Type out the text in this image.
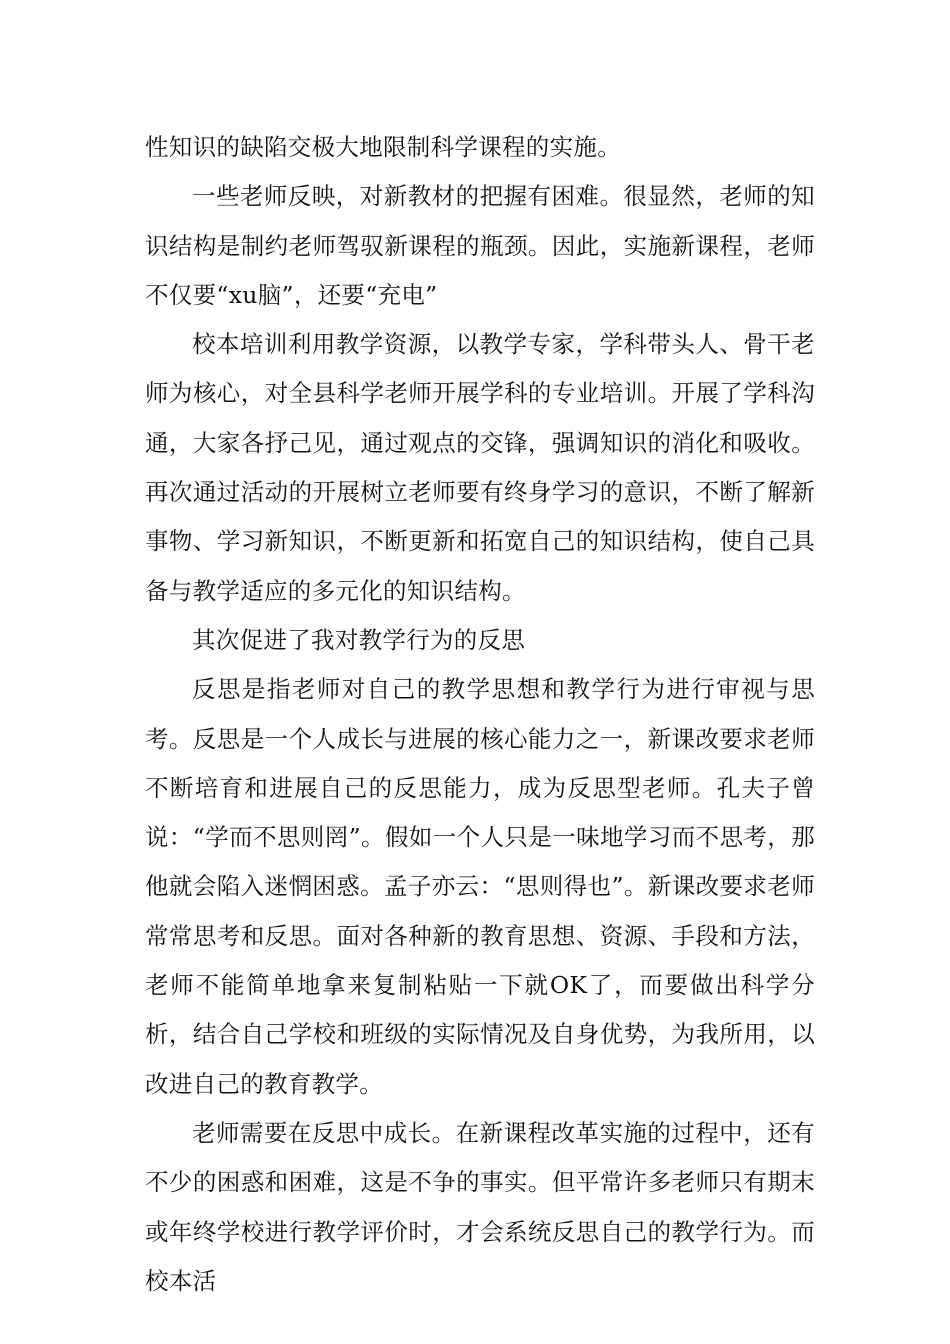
性知识的缺陷交极大地限制科学课程的实施。

一些老师反映，对新教材的把握有困难。很显然，老师的知识结构是制约老师驾驭新课程的瓶颈。因此，实施新课程，老师不仅要“xu脑”，还要“充电”

校本培训利用教学资源，以教学专家，学科带头人、骨干老师为核心，对全县科学老师开展学科的专业培训。开展了学科沟通，大家各抒己见，通过观点的交锋，强调知识的消化和吸收。再次通过活动的开展树立老师要有终身学习的意识，不断了解新事物、学习新知识，不断更新和拓宽自己的知识结构，使自己具备与教学适应的多元化的知识结构。

其次促进了我对教学行为的反思

反思是指老师对自己的教学思想和教学行为进行审视与思考。反思是一个人成长与进展的核心能力之一，新课改要求老师不断培育和进展自己的反思能力，成为反思型老师。孔夫子曾说：“学而不思则罔”。假如一个人只是一味地学习而不思考，那他就会陷入迷惘困惑。孟子亦云：“思则得也”。新课改要求老师常常思考和反思。面对各种新的教育思想、资源、手段和方法，老师不能简单地拿来复制粘贴一下就OK了，而要做出科学分析，结合自己学校和班级的实际情况及自身优势，为我所用，以改进自己的教育教学。

老师需要在反思中成长。在新课程改革实施的过程中，还有不少的困惑和困难，这是不争的事实。但平常许多老师只有期末或年终学校进行教学评价时，才会系统反思自己的教学行为。而校本活
